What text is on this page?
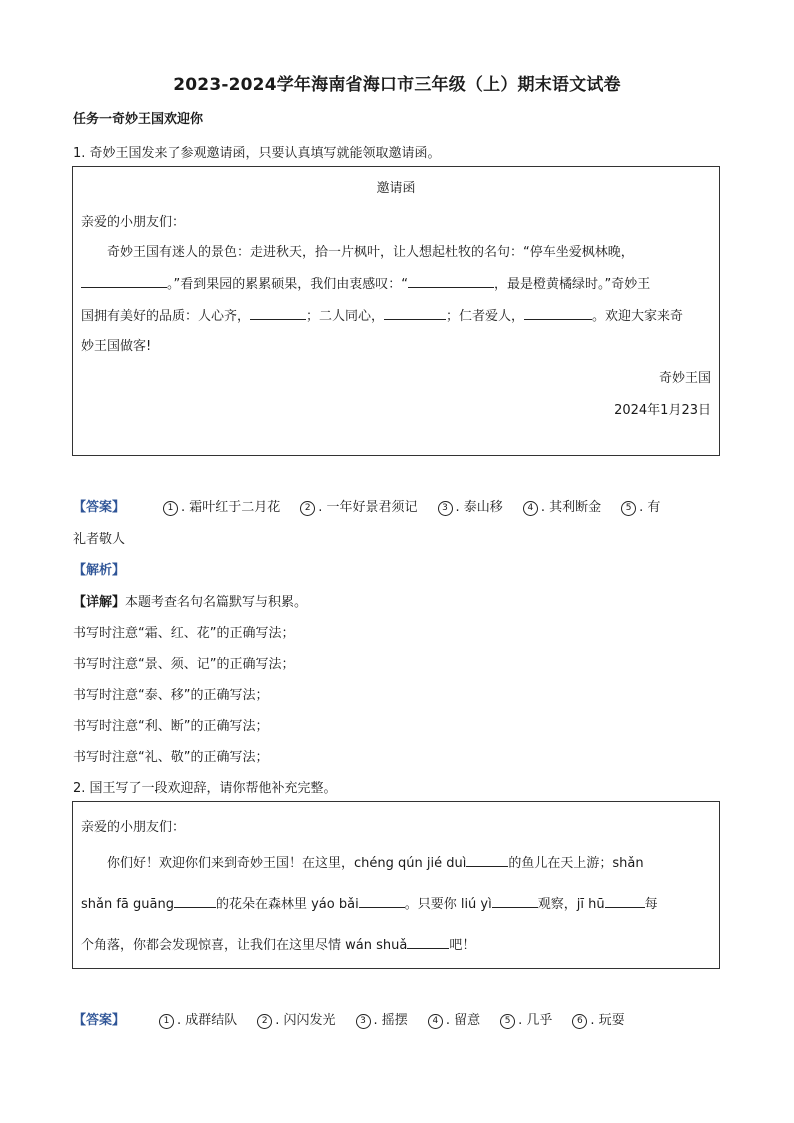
2023-2024学年海南省海口市三年级（上）期末语文试卷
任务一奇妙王国欢迎你
1. 奇妙王国发来了参观邀请函，只要认真填写就能领取邀请函。
邀请函
亲爱的小朋友们：
奇妙王国有迷人的景色：走进秋天，拾一片枫叶，让人想起杜牧的名句：“停车坐爱枫林晚，
。”看到果园的累累硕果，我们由衷感叹：“	，最是橙黄橘绿时。”奇妙王
国拥有美好的品质：人心齐，	；二人同心，	；仁者爱人，	。欢迎大家来奇
妙王国做客!
奇妙王国
2024年1月23日
【答案】	1 . 霜叶红于二月花	2 . 一年好景君须记	3 . 泰山移	4 . 其利断金	5 . 有
礼者敬人
【解析】
【详解】本题考查名句名篇默写与积累。
书写时注意“霜、红、花”的正确写法；
书写时注意“景、须、记”的正确写法；
书写时注意“泰、移”的正确写法；
书写时注意“利、断”的正确写法；
书写时注意“礼、敬”的正确写法；
2. 国王写了一段欢迎辞，请你帮他补充完整。
亲爱的小朋友们：
你们好！欢迎你们来到奇妙王国！在这里，chéng qún jié duì	的鱼儿在天上游；shǎn
shǎn fā guāng	的花朵在森林里 yáo bǎi	。只要你 liú yì	观察，jī hū	每
个角落，你都会发现惊喜，让我们在这里尽情 wán shuǎ	吧！
【答案】	1 . 成群结队	2 . 闪闪发光	3 . 摇摆	4 . 留意	5 . 几乎	6 . 玩耍
